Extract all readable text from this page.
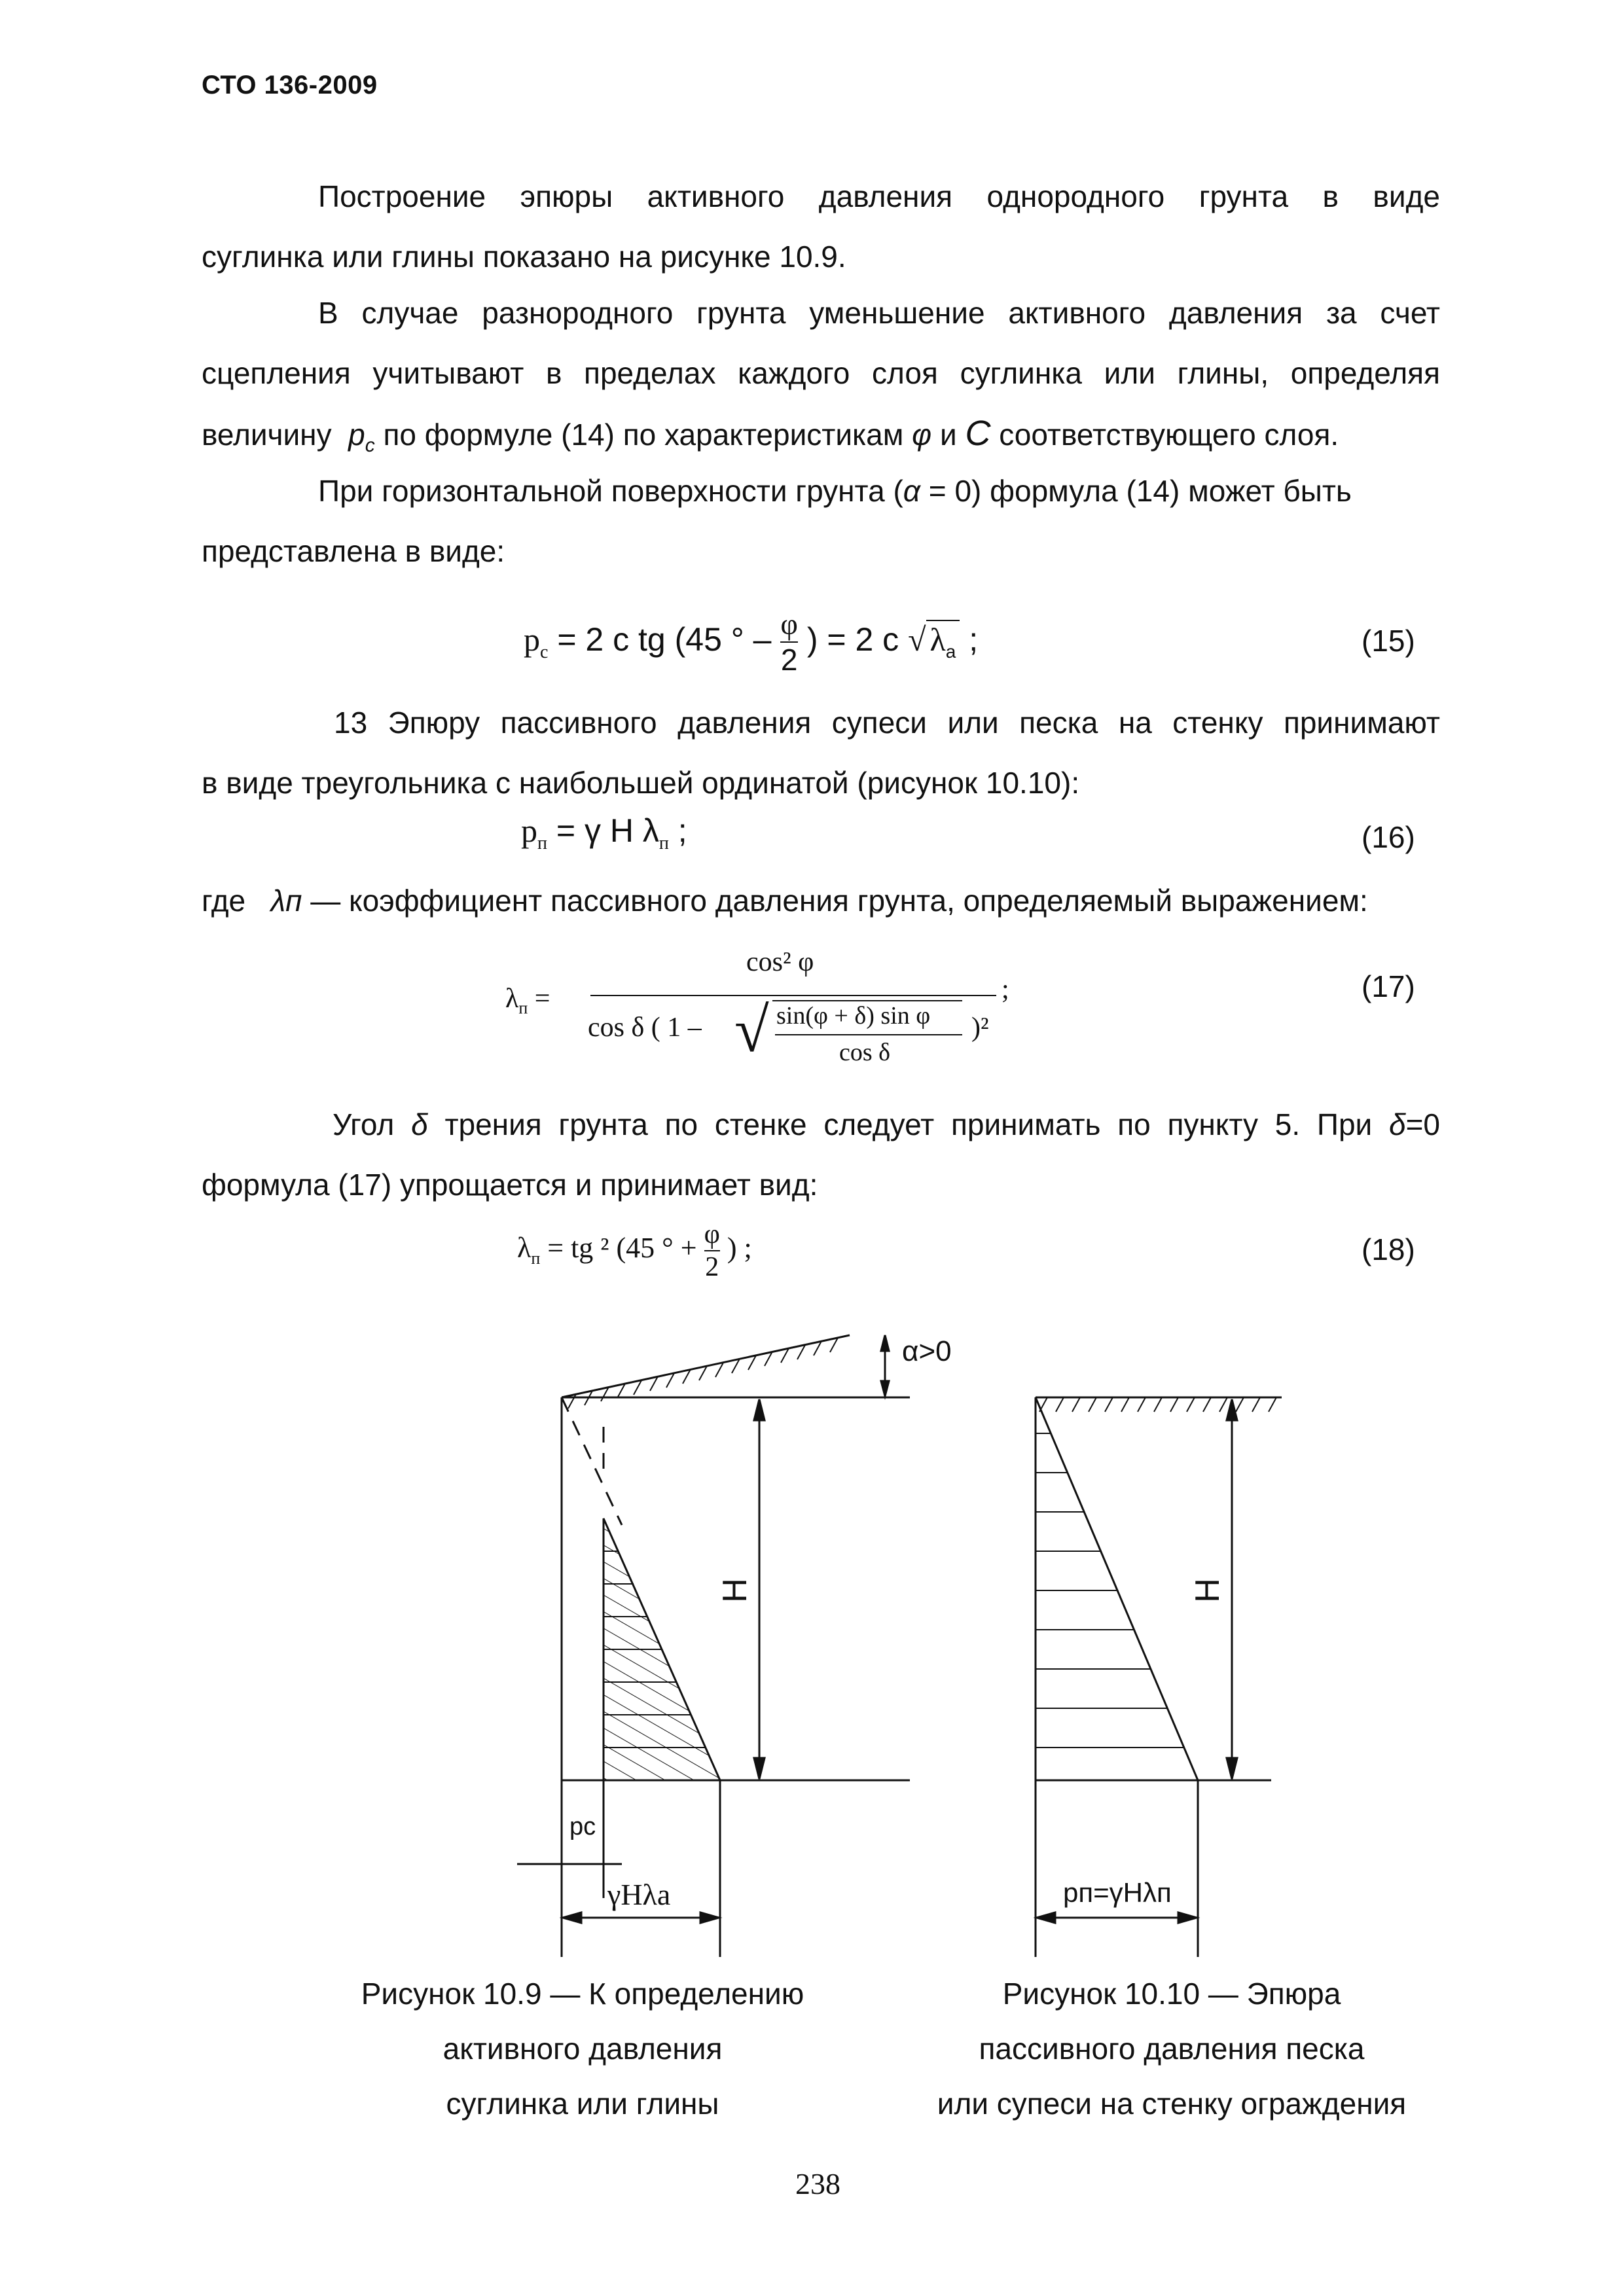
СТО 136-2009
Построение эпюры активного давления однородного грунта в виде
суглинка или глины показано на рисунке 10.9.
В случае разнородного грунта уменьшение активного давления за счет
сцепления учитывают в пределах каждого слоя суглинка или глины, определяя
величину $p_c$ по формуле (14) по характеристикам φ и C соответствующего слоя.
При горизонтальной поверхности грунта (α = 0) формула (14) может быть
представлена в виде:
$p_c = 2$ c tg (45 ° – $\frac{\varphi}{2}$ ) = 2 c √ $\lambda_a$ ;	(15)
13 Эпюру пассивного давления супеси или песка на стенку принимают
в виде треугольника с наибольшей ординатой (рисунок 10.10):
$p_п = \gamma$ H $\lambda_п$ ;	(16)
где λп — коэффициент пассивного давления грунта, определяемый выражением:
$\lambda_п$ =
cos² φ
cos δ ( 1 – √ sin(φ + δ) sin φ
cos δ
)²
;	(17)
Угол δ трения грунта по стенке следует принимать по пункту 5. При δ=0
формула (17) упрощается и принимает вид:
$\lambda_п$ = tg ² (45 ° + $\frac{\varphi}{2}$ ) ;	(18)
α>0
H
pc
γHλa
H
pп=γHλп
Рисунок 10.9 — К определению
активного давления
суглинка или глины
Рисунок 10.10 — Эпюра
пассивного давления песка
или супеси на стенку ограждения
238
